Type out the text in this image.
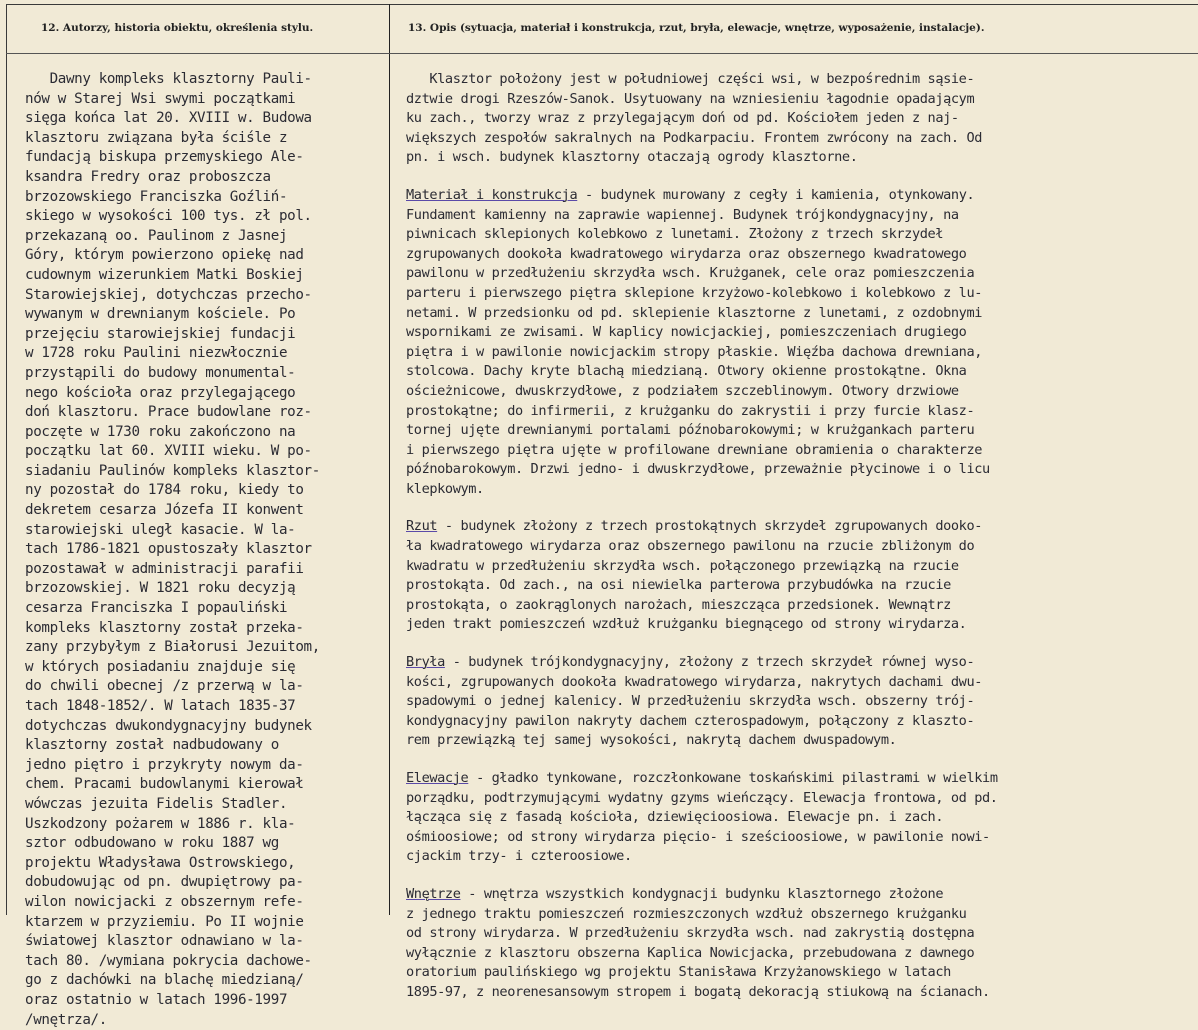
12. Autorzy, historia obiektu, określenia stylu.	13. Opis (sytuacja, materiał i konstrukcja, rzut, bryła, elewacje, wnętrze, wyposażenie, instalacje).
Dawny kompleks klasztorny Pauli-
nów w Starej Wsi swymi początkami
sięga końca lat 20. XVIII w. Budowa
klasztoru związana była ściśle z
fundacją biskupa przemyskiego Ale-
ksandra Fredry oraz proboszcza
brzozowskiego Franciszka Goźliń-
skiego w wysokości 100 tys. zł pol.
przekazaną oo. Paulinom z Jasnej
Góry, którym powierzono opiekę nad
cudownym wizerunkiem Matki Boskiej
Starowiejskiej, dotychczas przecho-
wywanym w drewnianym kościele. Po
przejęciu starowiejskiej fundacji
w 1728 roku Paulini niezwłocznie
przystąpili do budowy monumental-
nego kościoła oraz przylegającego
doń klasztoru. Prace budowlane roz-
poczęte w 1730 roku zakończono na
początku lat 60. XVIII wieku. W po-
siadaniu Paulinów kompleks klasztor-
ny pozostał do 1784 roku, kiedy to
dekretem cesarza Józefa II konwent
starowiejski uległ kasacie. W la-
tach 1786-1821 opustoszały klasztor
pozostawał w administracji parafii
brzozowskiej. W 1821 roku decyzją
cesarza Franciszka I popauliński
kompleks klasztorny został przeka-
zany przybyłym z Białorusi Jezuitom,
w których posiadaniu znajduje się
do chwili obecnej /z przerwą w la-
tach 1848-1852/. W latach 1835-37
dotychczas dwukondygnacyjny budynek
klasztorny został nadbudowany o
jedno piętro i przykryty nowym da-
chem. Pracami budowlanymi kierował
wówczas jezuita Fidelis Stadler.
Uszkodzony pożarem w 1886 r. kla-
sztor odbudowano w roku 1887 wg
projektu Władysława Ostrowskiego,
dobudowując od pn. dwupiętrowy pa-
wilon nowicjacki z obszernym refe-
ktarzem w przyziemiu. Po II wojnie
światowej klasztor odnawiano w la-
tach 80. /wymiana pokrycia dachowe-
go z dachówki na blachę miedzianą/
oraz ostatnio w latach 1996-1997
/wnętrza/.
Klasztor położony jest w południowej części wsi, w bezpośrednim sąsie-
dztwie drogi Rzeszów-Sanok. Usytuowany na wzniesieniu łagodnie opadającym
ku zach., tworzy wraz z przylegającym doń od pd. Kościołem jeden z naj-
większych zespołów sakralnych na Podkarpaciu. Frontem zwrócony na zach. Od
pn. i wsch. budynek klasztorny otaczają ogrody klasztorne.
Materiał i konstrukcja - budynek murowany z cegły i kamienia, otynkowany.
Fundament kamienny na zaprawie wapiennej. Budynek trójkondygnacyjny, na
piwnicach sklepionych kolebkowo z lunetami. Złożony z trzech skrzydeł
zgrupowanych dookoła kwadratowego wirydarza oraz obszernego kwadratowego
pawilonu w przedłużeniu skrzydła wsch. Krużganek, cele oraz pomieszczenia
parteru i pierwszego piętra sklepione krzyżowo-kolebkowo i kolebkowo z lu-
netami. W przedsionku od pd. sklepienie klasztorne z lunetami, z ozdobnymi
wspornikami ze zwisami. W kaplicy nowicjackiej, pomieszczeniach drugiego
piętra i w pawilonie nowicjackim stropy płaskie. Więźba dachowa drewniana,
stolcowa. Dachy kryte blachą miedzianą. Otwory okienne prostokątne. Okna
ościeżnicowe, dwuskrzydłowe, z podziałem szczeblinowym. Otwory drzwiowe
prostokątne; do infirmerii, z krużganku do zakrystii i przy furcie klasz-
tornej ujęte drewnianymi portalami późnobarokowymi; w krużgankach parteru
i pierwszego piętra ujęte w profilowane drewniane obramienia o charakterze
późnobarokowym. Drzwi jedno- i dwuskrzydłowe, przeważnie płycinowe i o licu
klepkowym.
Rzut - budynek złożony z trzech prostokątnych skrzydeł zgrupowanych dooko-
ła kwadratowego wirydarza oraz obszernego pawilonu na rzucie zbliżonym do
kwadratu w przedłużeniu skrzydła wsch. połączonego przewiązką na rzucie
prostokąta. Od zach., na osi niewielka parterowa przybudówka na rzucie
prostokąta, o zaokrąglonych narożach, mieszcząca przedsionek. Wewnątrz
jeden trakt pomieszczeń wzdłuż krużganku biegnącego od strony wirydarza.
Bryła - budynek trójkondygnacyjny, złożony z trzech skrzydeł równej wyso-
kości, zgrupowanych dookoła kwadratowego wirydarza, nakrytych dachami dwu-
spadowymi o jednej kalenicy. W przedłużeniu skrzydła wsch. obszerny trój-
kondygnacyjny pawilon nakryty dachem czterospadowym, połączony z klaszto-
rem przewiązką tej samej wysokości, nakrytą dachem dwuspadowym.
Elewacje - gładko tynkowane, rozczłonkowane toskańskimi pilastrami w wielkim
porządku, podtrzymującymi wydatny gzyms wieńczący. Elewacja frontowa, od pd.
łącząca się z fasadą kościoła, dziewięcioosiowa. Elewacje pn. i zach.
ośmioosiowe; od strony wirydarza pięcio- i sześcioosiowe, w pawilonie nowi-
cjackim trzy- i czteroosiowe.
Wnętrze - wnętrza wszystkich kondygnacji budynku klasztornego złożone
z jednego traktu pomieszczeń rozmieszczonych wzdłuż obszernego krużganku
od strony wirydarza. W przedłużeniu skrzydła wsch. nad zakrystią dostępna
wyłącznie z klasztoru obszerna Kaplica Nowicjacka, przebudowana z dawnego
oratorium paulińskiego wg projektu Stanisława Krzyżanowskiego w latach
1895-97, z neorenesansowym stropem i bogatą dekoracją stiukową na ścianach.
